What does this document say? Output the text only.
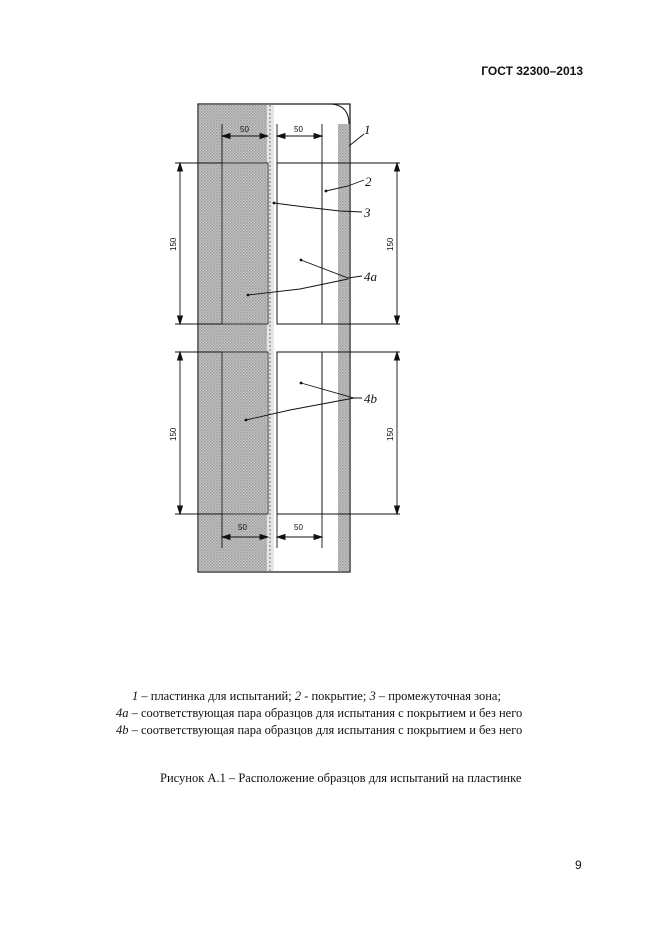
ГОСТ 32300–2013
50	50
50	50
150	150
150	150
1
2
3
4a
4b
1 – пластинка для испытаний; 2 - покрытие; 3 – промежуточная зона;
4a – соответствующая пара образцов для испытания с покрытием и без него
4b – соответствующая пара образцов для испытания с покрытием и без него
Рисунок А.1 – Расположение образцов для испытаний на пластинке
9
